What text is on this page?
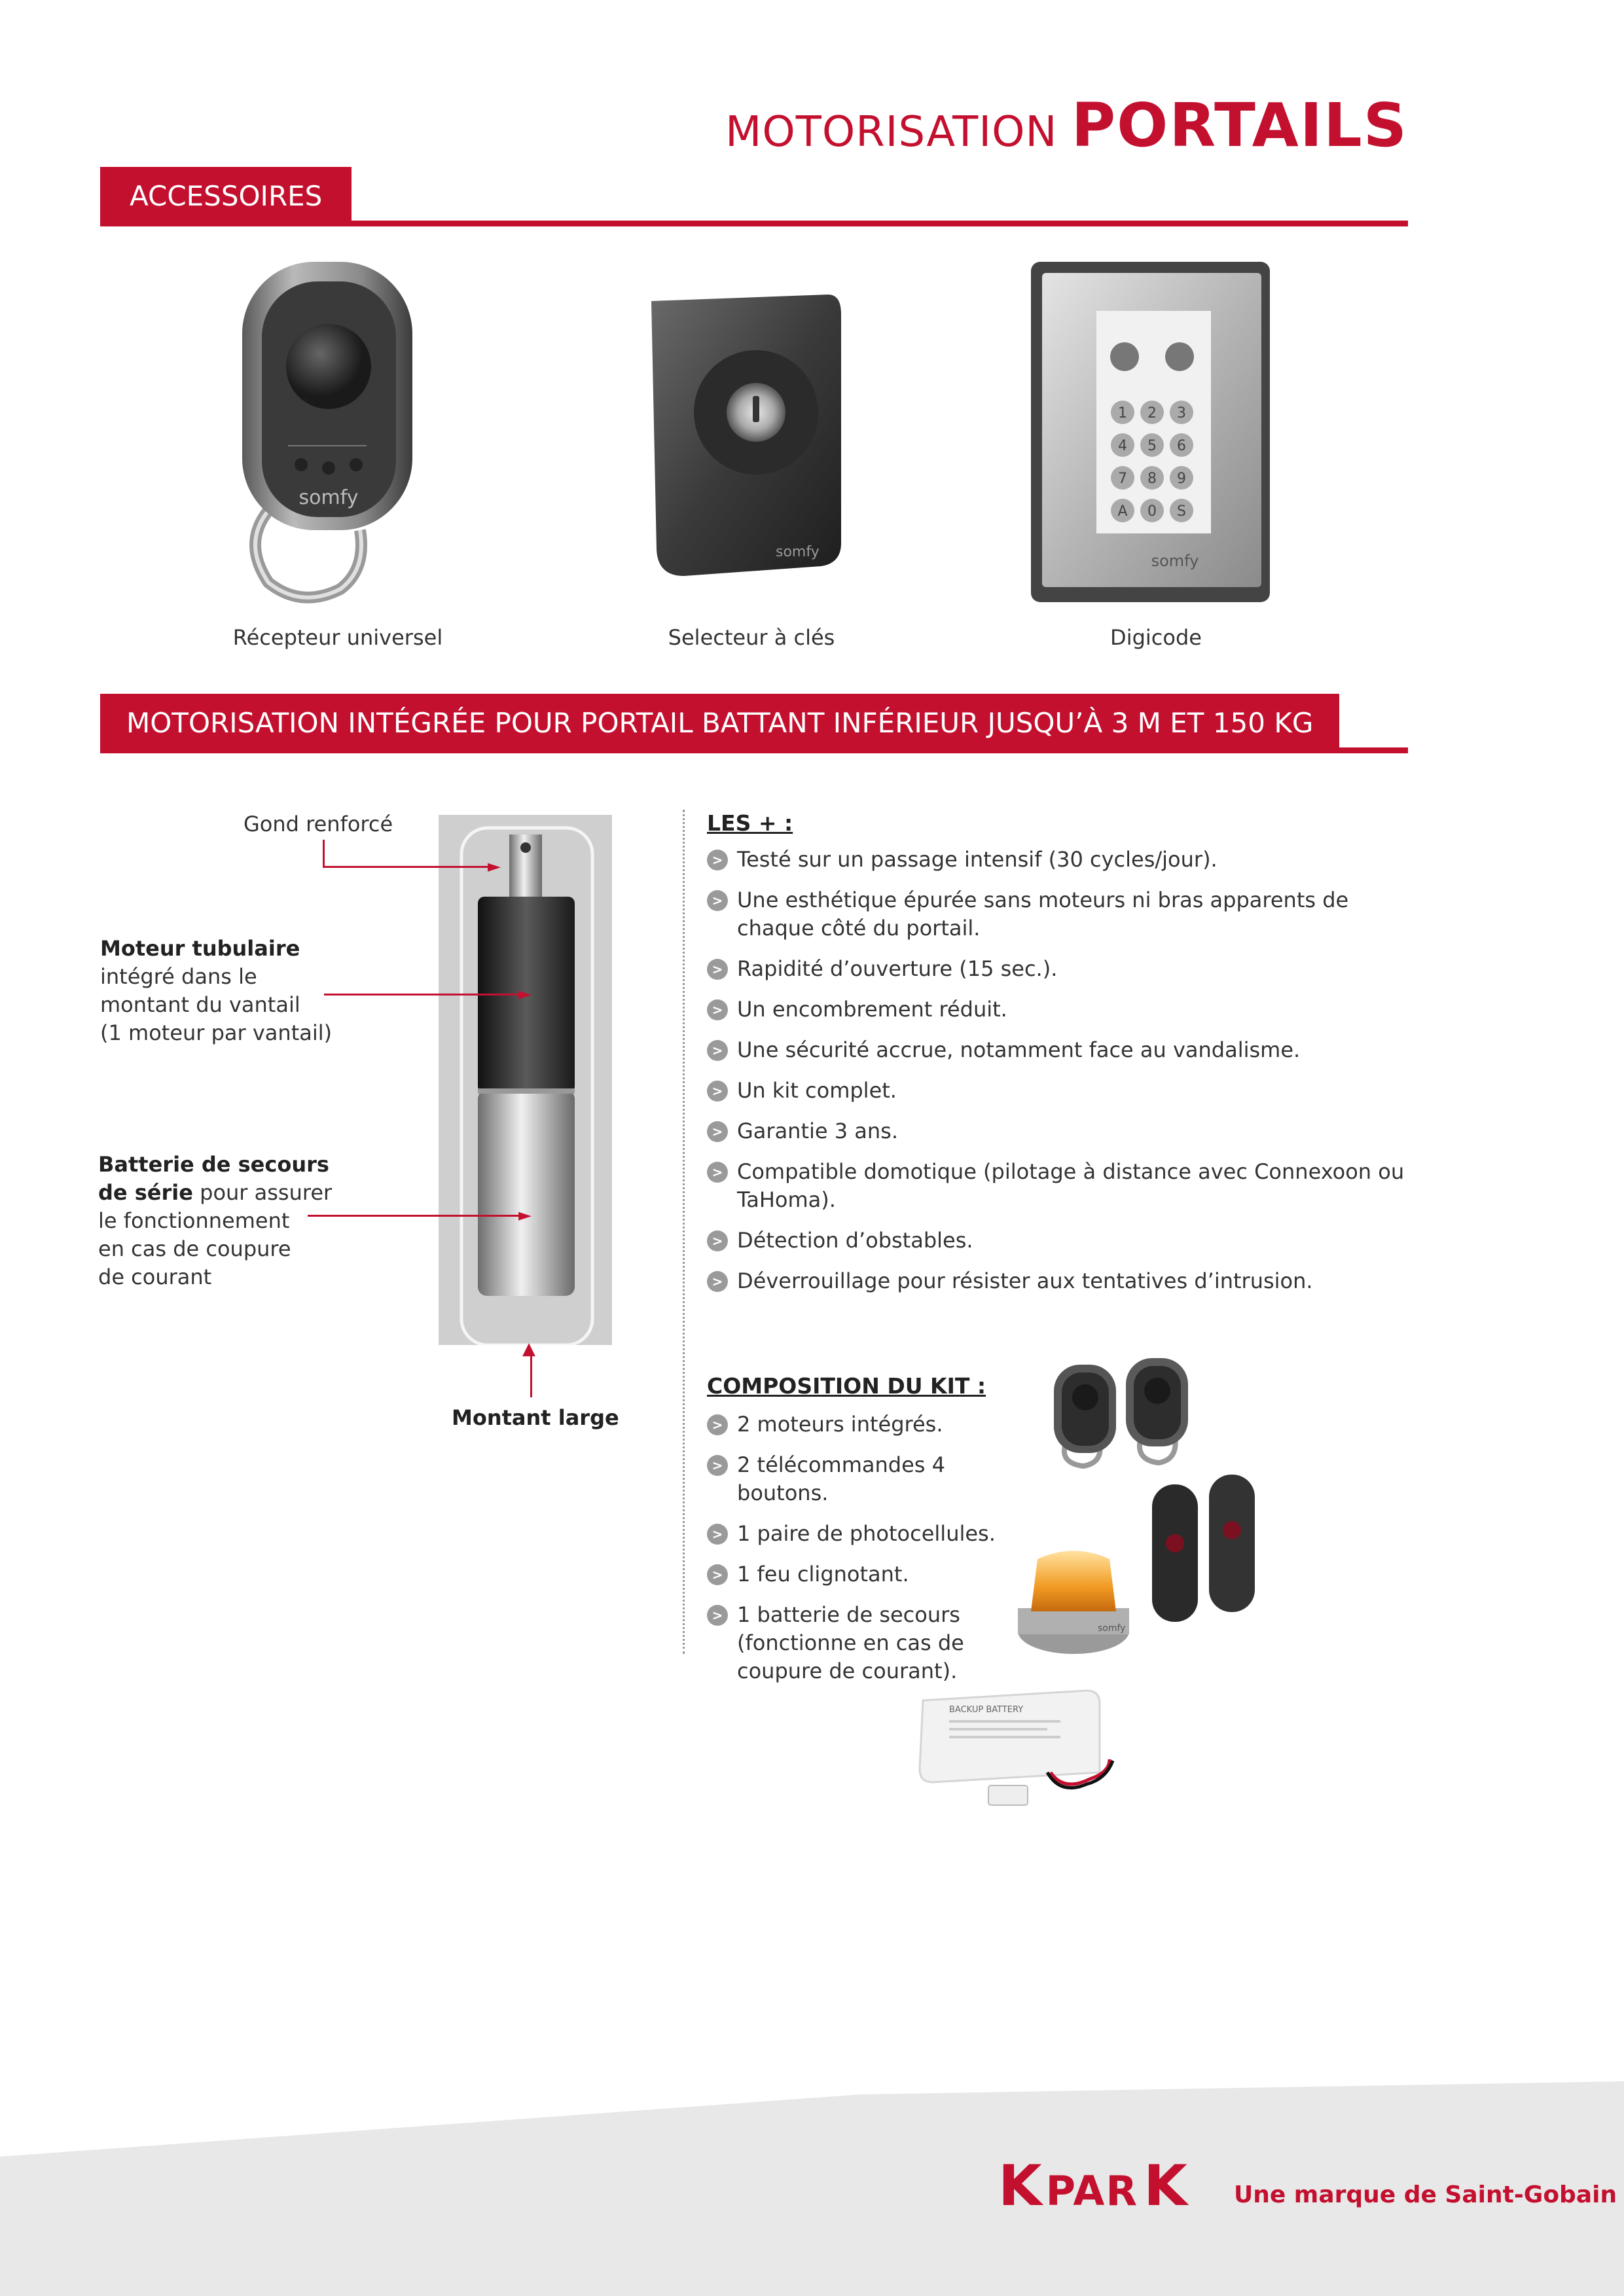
MOTORISATION PORTAILS
ACCESSOIRES
somfy
Récepteur universel
somfy
Selecteur à clés
1 2 3
4 5 6
7 8 9
A 0 S
somfy
Digicode
MOTORISATION INTÉGRÉE POUR PORTAIL BATTANT INFÉRIEUR JUSQU’À 3 M ET 150 KG
Gond renforcé
►
Moteur tubulaire
intégré dans le
montant du vantail
(1 moteur par vantail)
►
Batterie de secours
de série pour assurer
le fonctionnement
en cas de coupure
de courant
►
▲
Montant large
LES + :
> Testé sur un passage intensif (30 cycles/jour).
> Une esthétique épurée sans moteurs ni bras apparents de chaque côté du portail.
> Rapidité d’ouverture (15 sec.).
> Un encombrement réduit.
> Une sécurité accrue, notamment face au vandalisme.
> Un kit complet.
> Garantie 3 ans.
> Compatible domotique (pilotage à distance avec Connexoon ou TaHoma).
> Détection d’obstables.
> Déverrouillage pour résister aux tentatives d’intrusion.
COMPOSITION DU KIT :
> 2 moteurs intégrés.
> 2 télécommandes 4 boutons.
> 1 paire de photocellules.
> 1 feu clignotant.
> 1 batterie de secours (fonctionne en cas de coupure de courant).
somfy
BACKUP BATTERY
K PARK Une marque de Saint-Gobain
